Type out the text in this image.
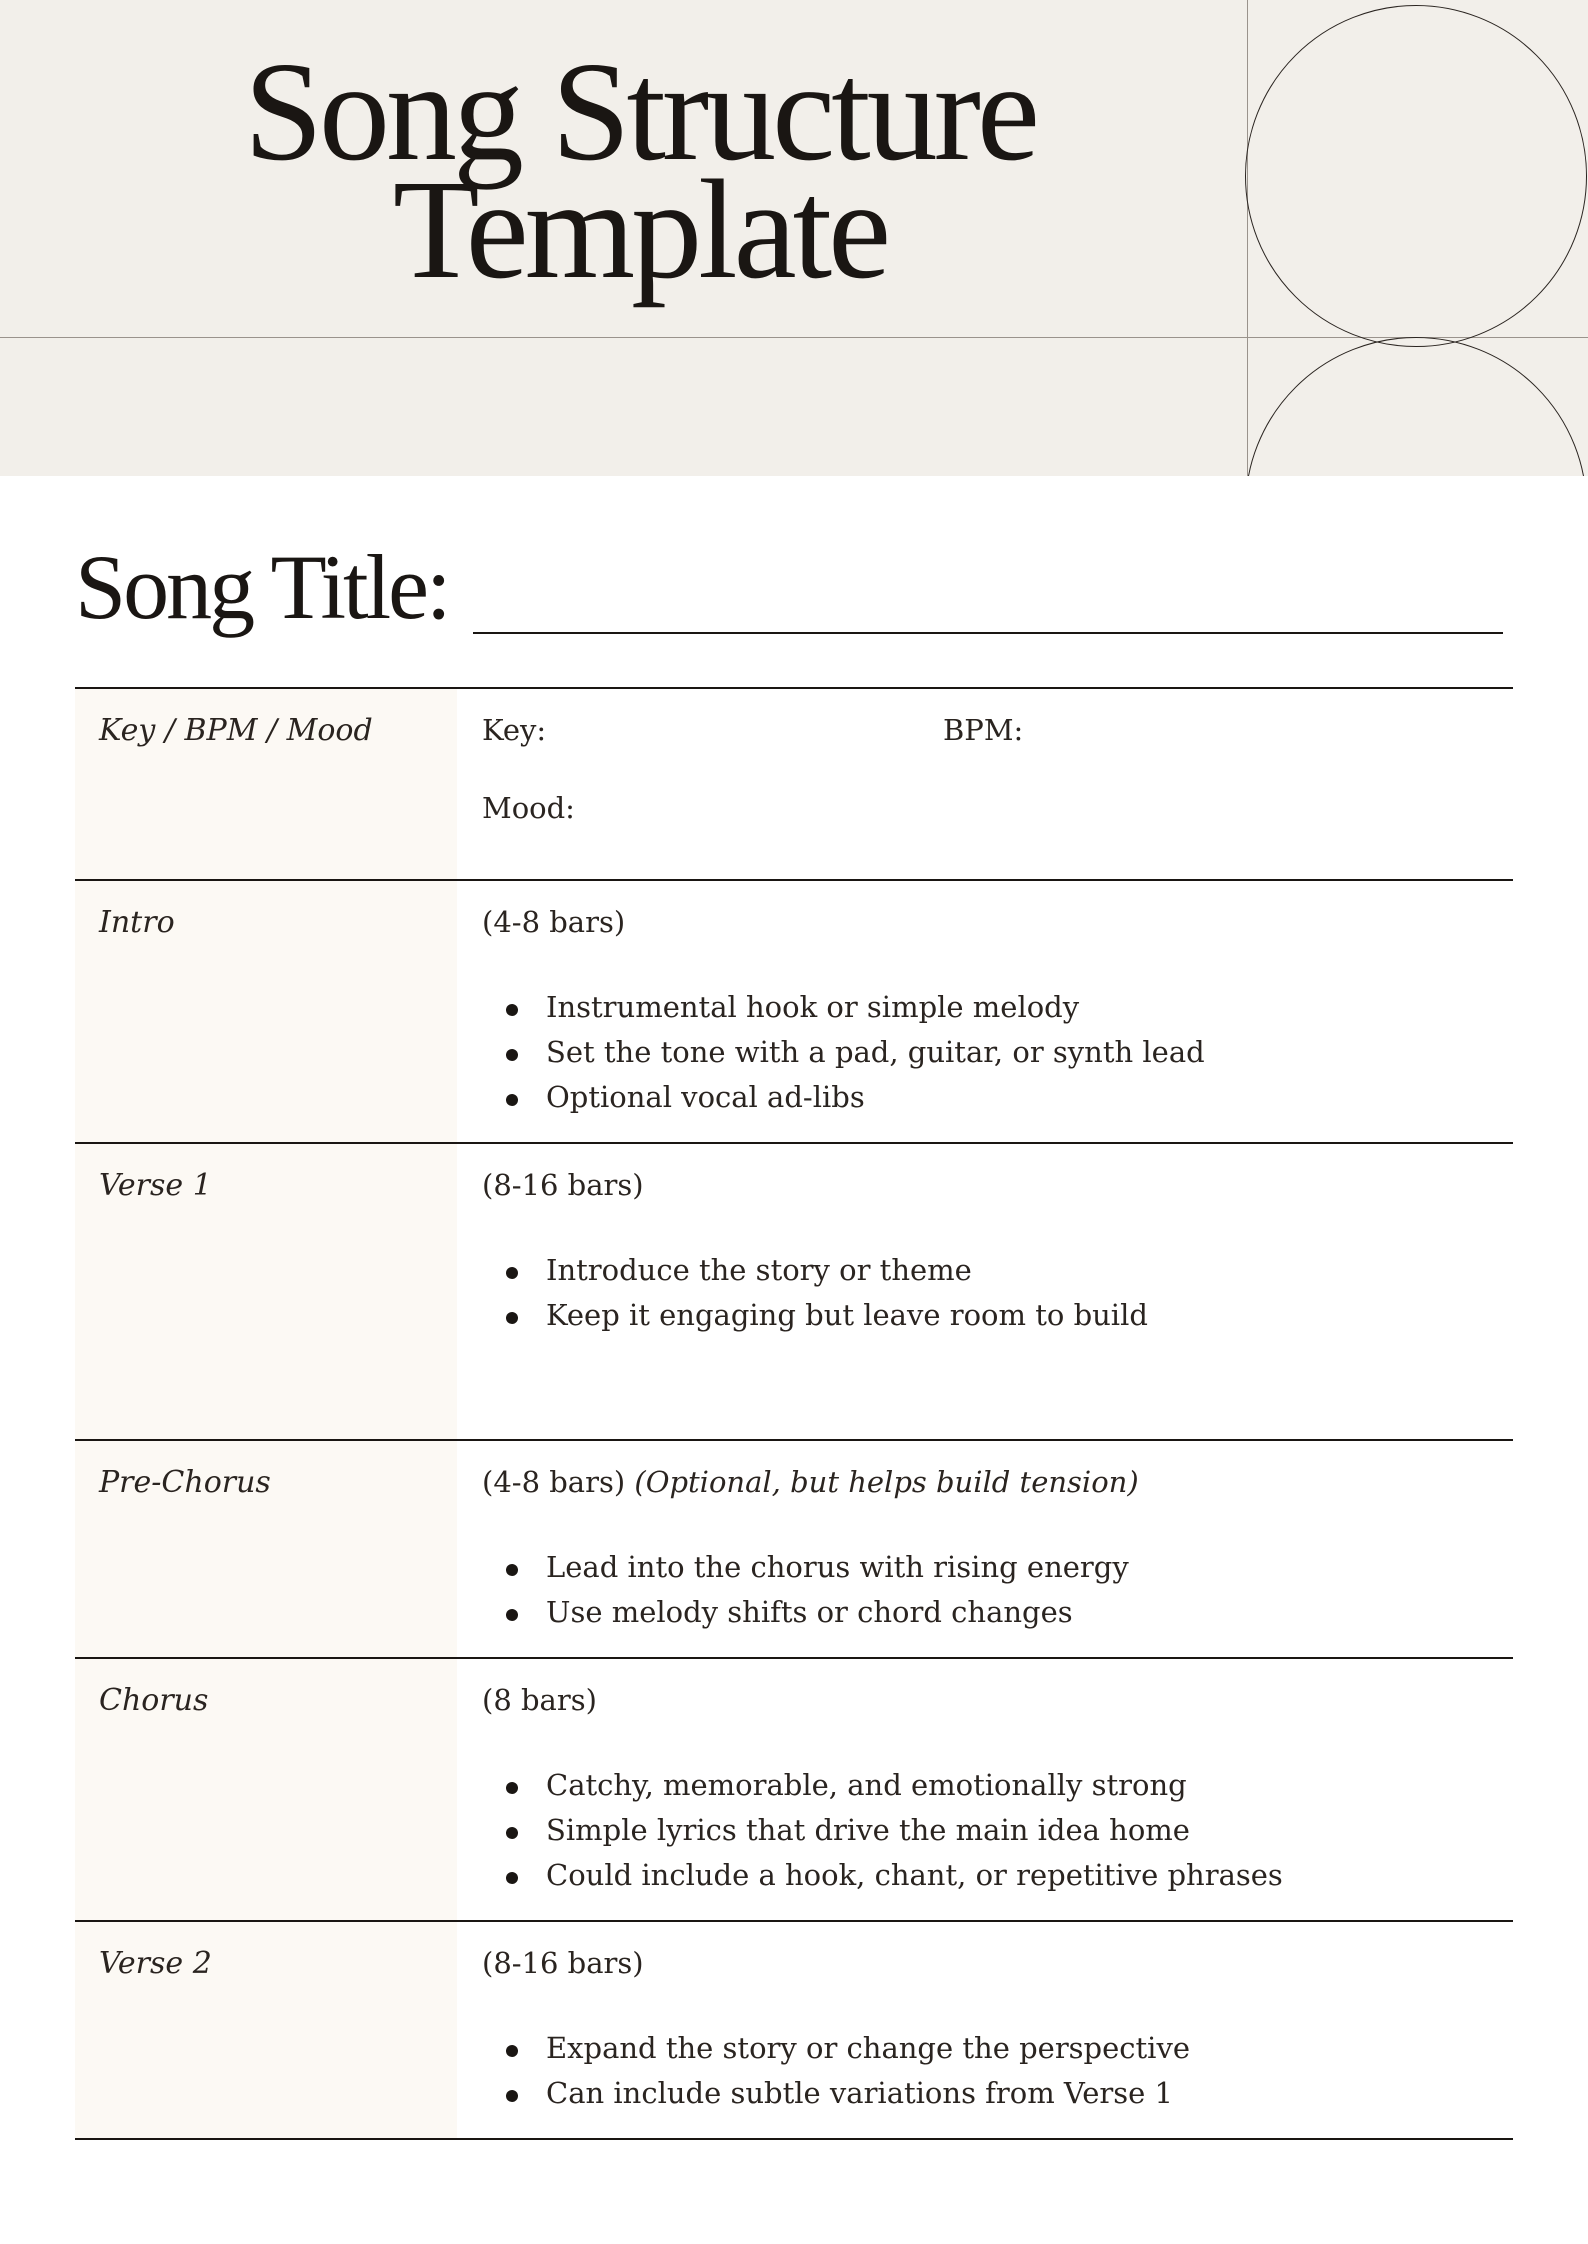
Song Structure
Template
Song Title:
Key / BPM / Mood	Key:	BPM:
Mood:
Intro	(4-8 bars)
Instrumental hook or simple melody
Set the tone with a pad, guitar, or synth lead
Optional vocal ad-libs
Verse 1	(8-16 bars)
Introduce the story or theme
Keep it engaging but leave room to build
Pre-Chorus	(4-8 bars) (Optional, but helps build tension)
Lead into the chorus with rising energy
Use melody shifts or chord changes
Chorus	(8 bars)
Catchy, memorable, and emotionally strong
Simple lyrics that drive the main idea home
Could include a hook, chant, or repetitive phrases
Verse 2	(8-16 bars)
Expand the story or change the perspective
Can include subtle variations from Verse 1
